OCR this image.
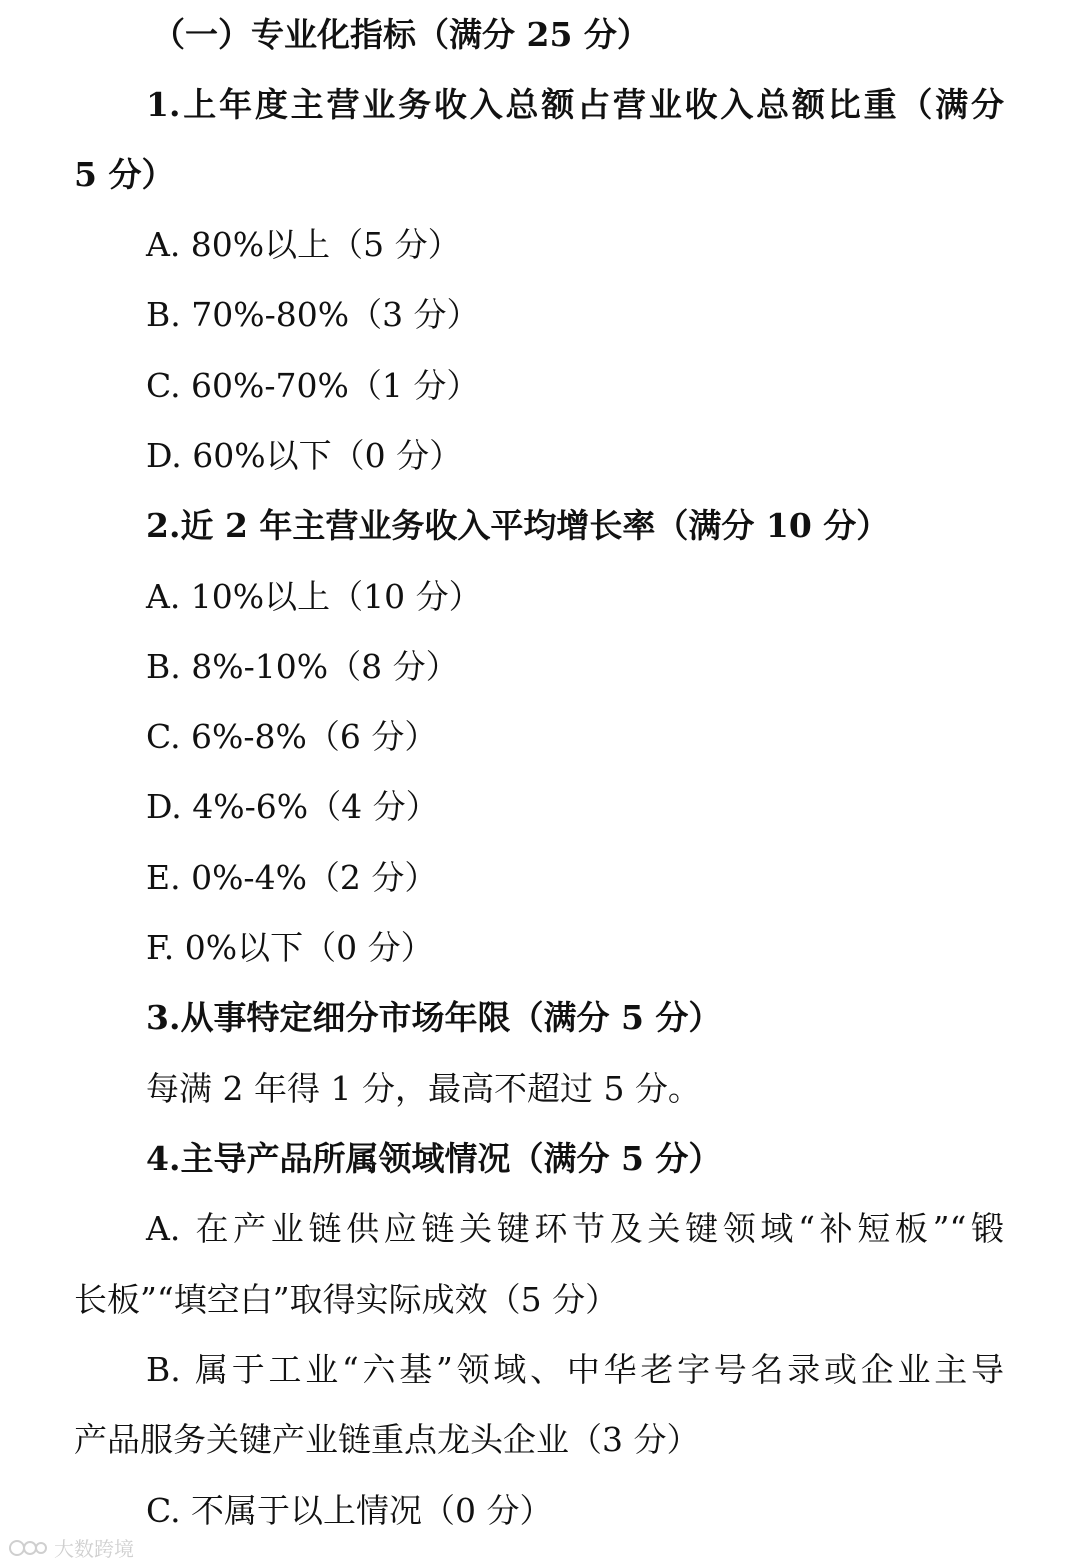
（一）专业化指标（满分 25 分）
1.上年度主营业务收入总额占营业收入总额比重（满分
5 分）
A. 80%以上（5 分）
B. 70%-80%（3 分）
C. 60%-70%（1 分）
D. 60%以下（0 分）
2.近 2 年主营业务收入平均增长率（满分 10 分）
A. 10%以上（10 分）
B. 8%-10%（8 分）
C. 6%-8%（6 分）
D. 4%-6%（4 分）
E. 0%-4%（2 分）
F. 0%以下（0 分）
3.从事特定细分市场年限（满分 5 分）
每满 2 年得 1 分，最高不超过 5 分。
4.主导产品所属领域情况（满分 5 分）
A. 在产业链供应链关键环节及关键领域“补短板”“锻
长板”“填空白”取得实际成效（5 分）
B. 属于工业“六基”领域、中华老字号名录或企业主导
产品服务关键产业链重点龙头企业（3 分）
C. 不属于以上情况（0 分）
大数跨境
